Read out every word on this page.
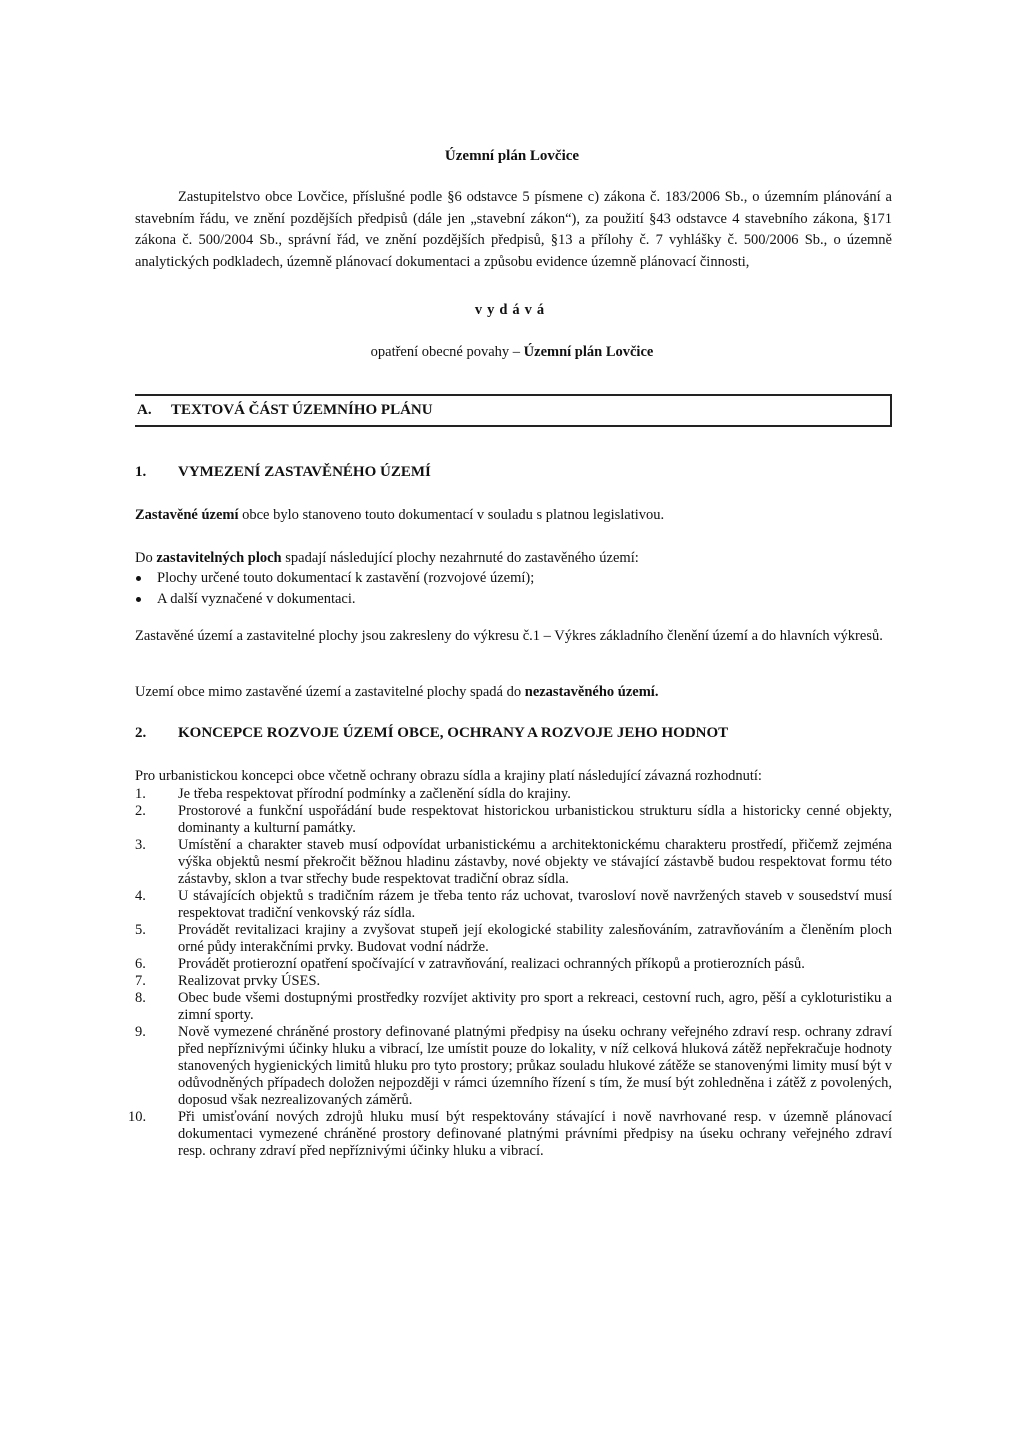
Územní plán Lovčice
Zastupitelstvo obce Lovčice, příslušné podle §6 odstavce 5 písmene c) zákona č. 183/2006 Sb., o územním plánování a stavebním řádu, ve znění pozdějších předpisů (dále jen „stavební zákon“), za použití §43 odstavce 4 stavebního zákona, §171 zákona č. 500/2004 Sb., správní řád, ve znění pozdějších předpisů, §13 a přílohy č. 7 vyhlášky č. 500/2006 Sb., o územně analytických podkladech, územně plánovací dokumentaci a způsobu evidence územně plánovací činnosti,
vydává
opatření obecné povahy – Územní plán Lovčice
A. TEXTOVÁ ČÁST ÚZEMNÍHO PLÁNU
1. VYMEZENÍ ZASTAVĚNÉHO ÚZEMÍ
Zastavěné území obce bylo stanoveno touto dokumentací v souladu s platnou legislativou.
Do zastavitelných ploch spadají následující plochy nezahrnuté do zastavěného území:
Plochy určené touto dokumentací k zastavění (rozvojové území);
A další vyznačené v dokumentaci.
Zastavěné území a zastavitelné plochy jsou zakresleny do výkresu č.1 – Výkres základního členění území a do hlavních výkresů.
Uzemí obce mimo zastavěné území a zastavitelné plochy spadá do nezastavěného území.
2. KONCEPCE ROZVOJE ÚZEMÍ OBCE, OCHRANY A ROZVOJE JEHO HODNOT
Pro urbanistickou koncepci obce včetně ochrany obrazu sídla a krajiny platí následující závazná rozhodnutí:
1.	Je třeba respektovat přírodní podmínky a začlenění sídla do krajiny.
2.	Prostorové a funkční uspořádání bude respektovat historickou urbanistickou strukturu sídla a historicky cenné objekty, dominanty a kulturní památky.
3.	Umístění a charakter staveb musí odpovídat urbanistickému a architektonickému charakteru prostředí, přičemž zejména výška objektů nesmí překročit běžnou hladinu zástavby, nové objekty ve stávající zástavbě budou respektovat formu této zástavby, sklon a tvar střechy bude respektovat tradiční obraz sídla.
4.	U stávajících objektů s tradičním rázem je třeba tento ráz uchovat, tvarosloví nově navržených staveb v sousedství musí respektovat tradiční venkovský ráz sídla.
5.	Provádět revitalizaci krajiny a zvyšovat stupeň její ekologické stability zalesňováním, zatravňováním a členěním ploch orné půdy interakčními prvky. Budovat vodní nádrže.
6.	Provádět protierozní opatření spočívající v zatravňování, realizaci ochranných příkopů a protierozních pásů.
7.	Realizovat prvky ÚSES.
8.	Obec bude všemi dostupnými prostředky rozvíjet aktivity pro sport a rekreaci, cestovní ruch, agro, pěší a cykloturistiku a zimní sporty.
9.	Nově vymezené chráněné prostory definované platnými předpisy na úseku ochrany veřejného zdraví resp. ochrany zdraví před nepříznivými účinky hluku a vibrací, lze umístit pouze do lokality, v níž celková hluková zátěž nepřekračuje hodnoty stanovených hygienických limitů hluku pro tyto prostory; průkaz souladu hlukové zátěže se stanovenými limity musí být v odůvodněných případech doložen nejpozději v rámci územního řízení s tím, že musí být zohledněna i zátěž z povolených, doposud však nezrealizovaných záměrů.
10.	Při umisťování nových zdrojů hluku musí být respektovány stávající i nově navrhované resp. v územně plánovací dokumentaci vymezené chráněné prostory definované platnými právními předpisy na úseku ochrany veřejného zdraví resp. ochrany zdraví před nepříznivými účinky hluku a vibrací.
